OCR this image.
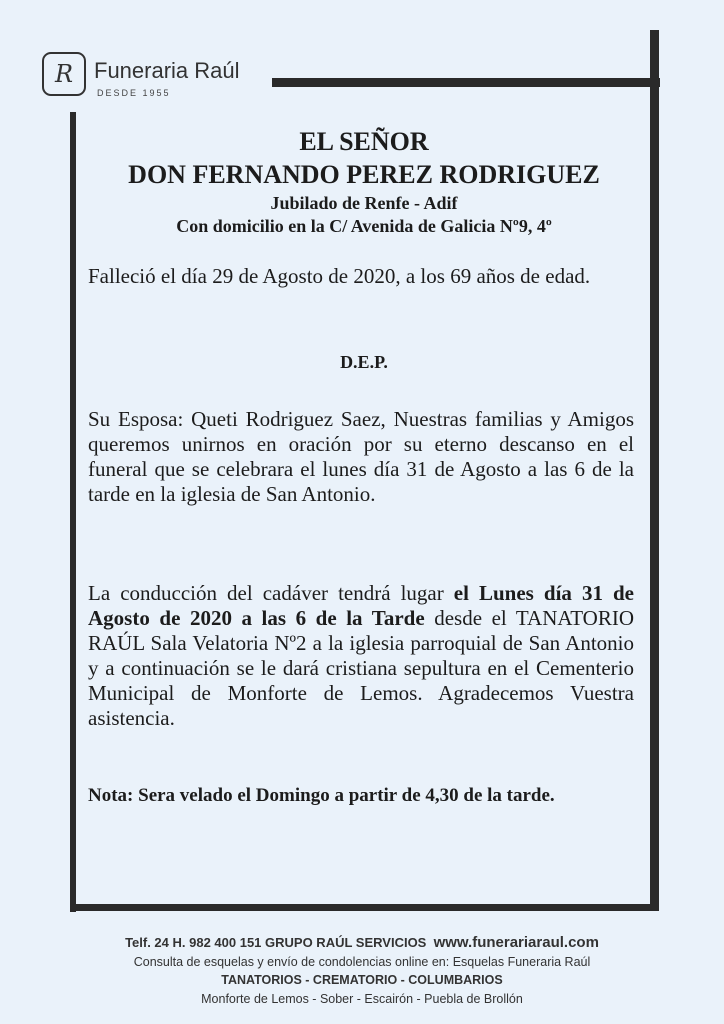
R Funeraria Raúl
DESDE 1955
EL SEÑOR
DON FERNANDO PEREZ RODRIGUEZ
Jubilado de Renfe - Adif
Con domicilio en la C/ Avenida de Galicia Nº9, 4º
Falleció el día 29 de Agosto de 2020, a los 69 años de edad.
D.E.P.
Su Esposa: Queti Rodriguez Saez, Nuestras familias y Amigos queremos unirnos en oración por su eterno descanso en el funeral que se celebrara el lunes día 31 de Agosto a las 6 de la tarde en la iglesia de San Antonio.
La conducción del cadáver tendrá lugar el Lunes día 31 de Agosto de 2020 a las 6 de la Tarde desde el TANATORIO RAÚL Sala Velatoria Nº2 a la iglesia parroquial de San Antonio y a continuación se le dará cristiana sepultura en el Cementerio Municipal de Monforte de Lemos. Agradecemos Vuestra asistencia.
Nota: Sera velado el Domingo a partir de 4,30 de la tarde.
Telf. 24 H. 982 400 151 GRUPO RAÚL SERVICIOS www.funerariaraul.com
Consulta de esquelas y envío de condolencias online en: Esquelas Funeraria Raúl
TANATORIOS - CREMATORIO - COLUMBARIOS
Monforte de Lemos - Sober - Escairón - Puebla de Brollón
